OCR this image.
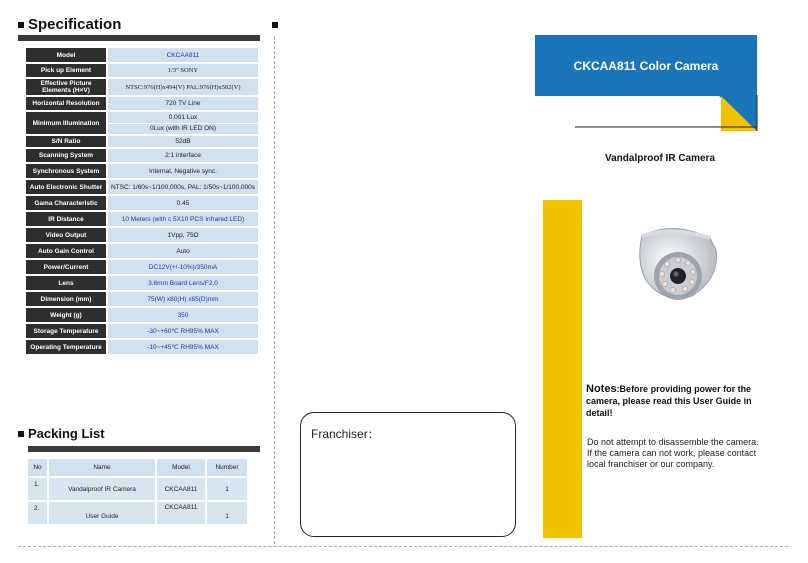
Specification
Model	CKCAA811
Pick up Element	1/3" SONY
Effective Picture Elements (H×V)	NTSC:976(H)x494(V) PAL:976(H)x582(V)
Horizontal Resolution	720 TV Line
Minimum Illumination	0.001 Lux
0Lux (with IR LED ON)

S/N Ratio	52dB
Scanning System	2:1 interface
Synchronous System	Internal, Negative sync.
Auto Electronic Shutter	NTSC: 1/60s~1/100,000s, PAL: 1/50s~1/100,000s
Gama Characteristic	0.45
IR Distance	10 Meters (with c 5X10 PCS Infrared LED)
Video Output	1Vpp, 75Ω
Auto Gain Control	Auto
Power/Current	DC12V(+/-10%)/350mA
Lens	3.6mm Board Lens/F2.0
Dimension (mm)	75(W) x80(H) x65(D)mm
Weight (g)	350
Storage Temperature	-30~+60℃ RH95% MAX
Operating Temperature	-10~+45℃ RH95% MAX
Packing List
No	Name	Model	Number
1.	Vandalproof IR Camera	CKCAA811	1
2.	User Guide	CKCAA811	1
Franchiser：
CKCAA811 Color Camera
Vandalproof IR Camera
Notes:Before providing power for the camera, please read this User Guide in detail!
Do not attempt to disassemble the camera. If the camera can not work, please contact local franchiser or our company.
